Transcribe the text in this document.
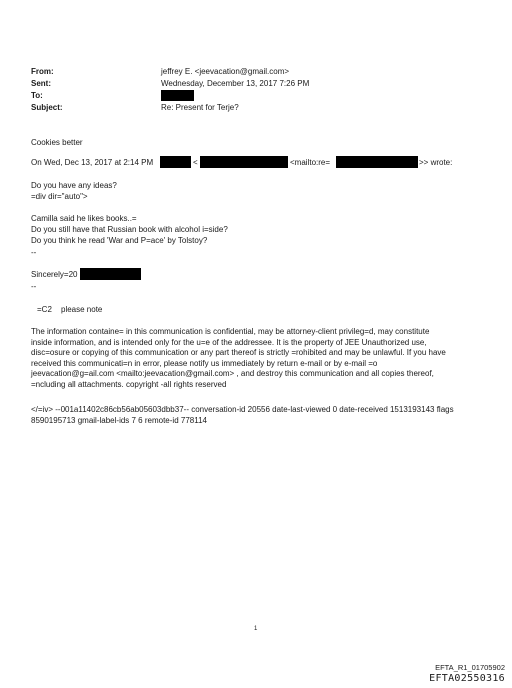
From:	jeffrey E. <jeevacation@gmail.com>
Sent:	Wednesday, December 13, 2017 7:26 PM
To:
Subject:	Re: Present for Terje?
Cookies better
On Wed, Dec 13, 2017 at 2:14 PM	<	<mailto:re=	>> wrote:
Do you have any ideas?
=div dir="auto">
Camilla said he likes books..=
Do you still have that Russian book with alcohol i=side?
Do you think he read 'War and P=ace' by Tolstoy?
--
Sincerely=20
--
=C2 please note
The information containe= in this communication is confidential, may be attorney-client privileg=d, may constitute
inside information, and is intended only for the u=e of the addressee. It is the property of JEE Unauthorized use,
disc=osure or copying of this communication or any part thereof is strictly =rohibited and may be unlawful. If you have
received this communicati=n in error, please notify us immediately by return e-mail or by e-mail =o
jeevacation@g=ail.com <mailto:jeevacation@gmail.com> , and destroy this communication and all copies thereof,
=ncluding all attachments. copyright -all rights reserved
</=iv> --001a11402c86cb56ab05603dbb37-- conversation-id 20556 date-last-viewed 0 date-received 1513193143 flags
8590195713 gmail-label-ids 7 6 remote-id 778114
1
EFTA_R1_01705902
EFTA02550316
